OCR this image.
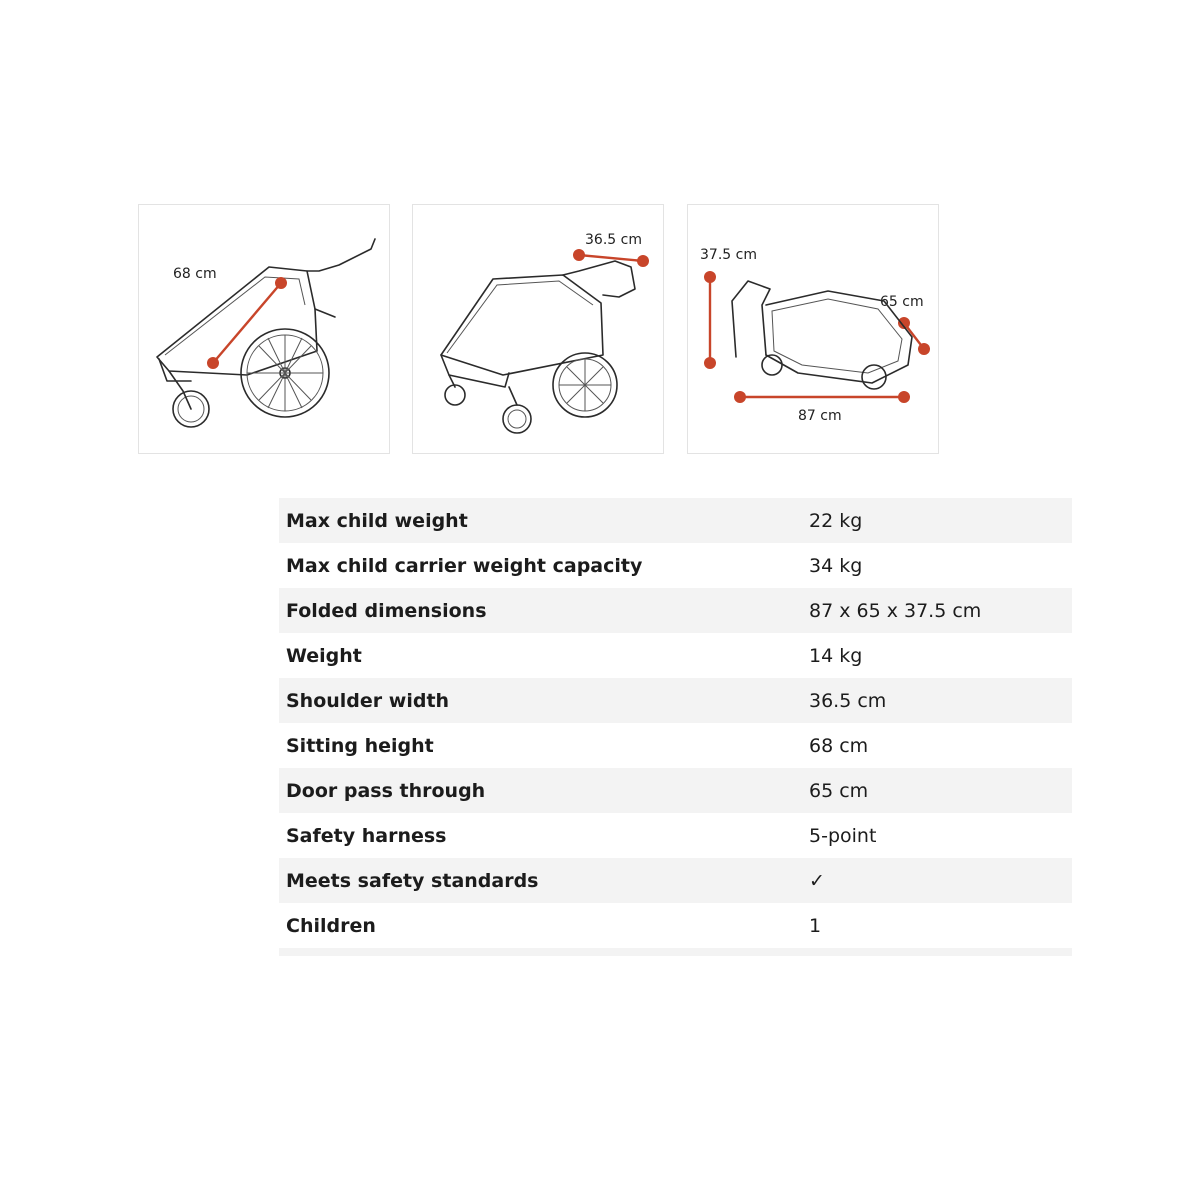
68 cm
36.5 cm
37.5 cm
65 cm
87 cm
Max child weight	22 kg
Max child carrier weight capacity	34 kg
Folded dimensions	87 x 65 x 37.5 cm
Weight	14 kg
Shoulder width	36.5 cm
Sitting height	68 cm
Door pass through	65 cm
Safety harness	5-point
Meets safety standards	✓
Children	1
